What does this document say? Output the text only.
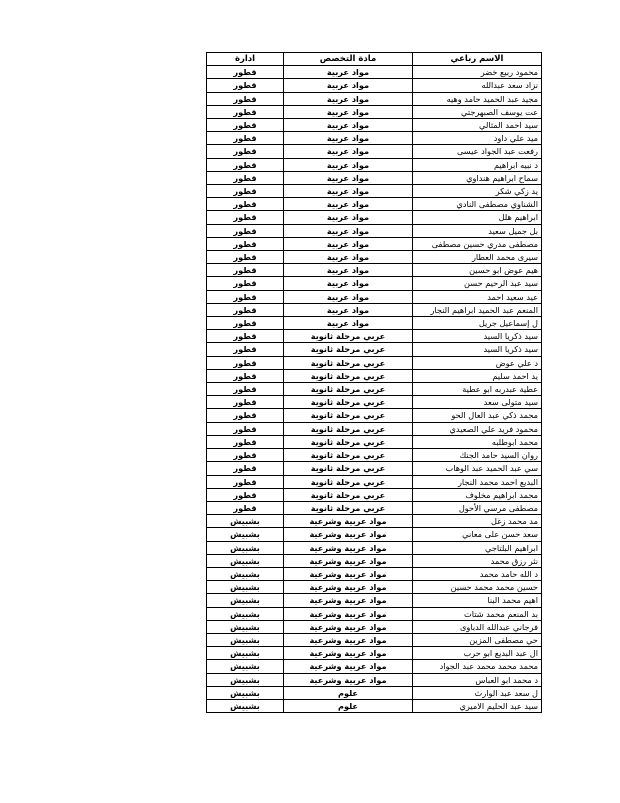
ادارة	مادة التخصص	الاسم رباعي
قطور	مواد عربية	محمود ربيع خضر
قطور	مواد عربية	نزاد سعد عبدالله
قطور	مواد عربية	مجيد عبد الحميد حامد وهيه
قطور	مواد عربية	عت يوسف الصبهرجتي
قطور	مواد عربية	سيد احمد المثالي
قطور	مواد عربية	ميد علي داود
قطور	مواد عربية	رفعت عبد الجواد عيسى
قطور	مواد عربية	د نبيه ابراهيم
قطور	مواد عربية	سماح ابراهيم هنداوي
قطور	مواد عربية	يد زكي شكر
قطور	مواد عربية	الشناوي مصطفى النادي
قطور	مواد عربية	ابراهيم هلل
قطور	مواد عربية	بل جميل سعيد
قطور	مواد عربية	مصطفى مدري حسين مصطفى
قطور	مواد عربية	سيرى محمد العطار
قطور	مواد عربية	هيم عوض ابو حسين
قطور	مواد عربية	سيد عبد الرحيم حسن
قطور	مواد عربية	عيد سعيد احمد
قطور	مواد عربية	المنعم عبد الحميد ابراهيم النجار
قطور	مواد عربية	ل إسماعيل جريل
قطور	عربي مرحلة ثانوية	سيد ذكريا السيد
قطور	عربي مرحلة ثانوية	سيد ذكريا السيد
قطور	عربي مرحلة ثانوية	د علي عوض
قطور	عربي مرحلة ثانوية	يد احمد سليم
قطور	عربي مرحلة ثانوية	عطية عبدربه ابو عطية
قطور	عربي مرحلة ثانوية	سيد متولى سعد
قطور	عربي مرحلة ثانوية	محمد ذكي عبد العال الحو
قطور	عربي مرحلة ثانوية	محمود فريد علي الصعيدي
قطور	عربي مرحلة ثانوية	محمد ابوطلبه
قطور	عربي مرحلة ثانوية	روان السيد حامد الجنك
قطور	عربي مرحلة ثانوية	سي عبد الحميد عبد الوهاب
قطور	عربي مرحلة ثانوية	البديع احمد محمد النجار
قطور	عربي مرحلة ثانوية	محمد ابراهيم مخلوف
قطور	عربي مرحلة ثانوية	مصطفى مرسي الأحول
بشبيش	مواد عربية وشرعية	مد محمد زغل
بشبيش	مواد عربية وشرعية	سعد حسن على معاني
بشبيش	مواد عربية وشرعية	ابراهيم البلتاجي
بشبيش	مواد عربية وشرعية	نثر رزق محمد
بشبيش	مواد عربية وشرعية	د الله حامد محمد
بشبيش	مواد عربية وشرعية	حسين محمد محمد حسين
بشبيش	مواد عربية وشرعية	اهيم محمد البنا
بشبيش	مواد عربية وشرعية	بد المنعم محمد شتات
بشبيش	مواد عربية وشرعية	فرجاني عبدالله الدباوى
بشبيش	مواد عربية وشرعية	حي مصطفى المزين
بشبيش	مواد عربية وشرعية	ال عبد البديع ابو حرب
بشبيش	مواد عربية وشرعية	محمد محمد محمد عبد الجواد
بشبيش	مواد عربية وشرعية	د محمد ابو العباس
بشبيش	علوم	ل سعد عبد الوارث
بشبيش	علوم	سيد عبد الحليم الاميري
